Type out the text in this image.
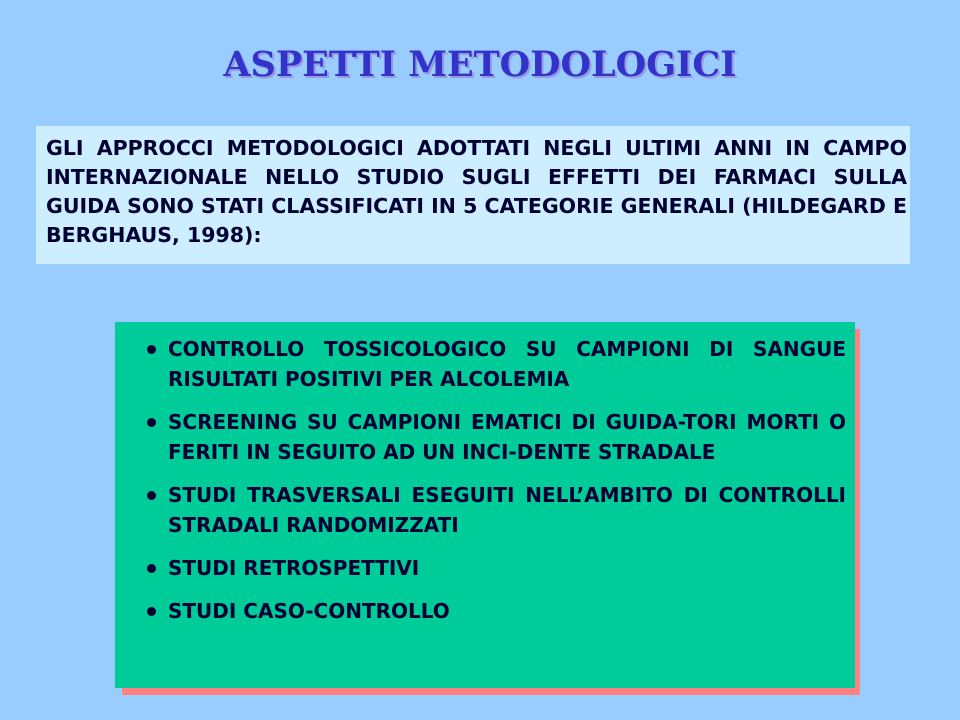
ASPETTI METODOLOGICI

GLI APPROCCI METODOLOGICI ADOTTATI NEGLI ULTIMI ANNI IN CAMPO INTERNAZIONALE NELLO STUDIO SUGLI EFFETTI DEI FARMACI SULLA GUIDA SONO STATI CLASSIFICATI IN 5 CATEGORIE GENERALI (HILDEGARD E BERGHAUS, 1998):

CONTROLLO TOSSICOLOGICO SU CAMPIONI DI SANGUE RISULTATI POSITIVI PER ALCOLEMIA
SCREENING SU CAMPIONI EMATICI DI GUIDA-TORI MORTI O FERITI IN SEGUITO AD UN INCI-DENTE STRADALE
STUDI TRASVERSALI ESEGUITI NELL’AMBITO DI CONTROLLI STRADALI RANDOMIZZATI
STUDI RETROSPETTIVI
STUDI CASO-CONTROLLO
